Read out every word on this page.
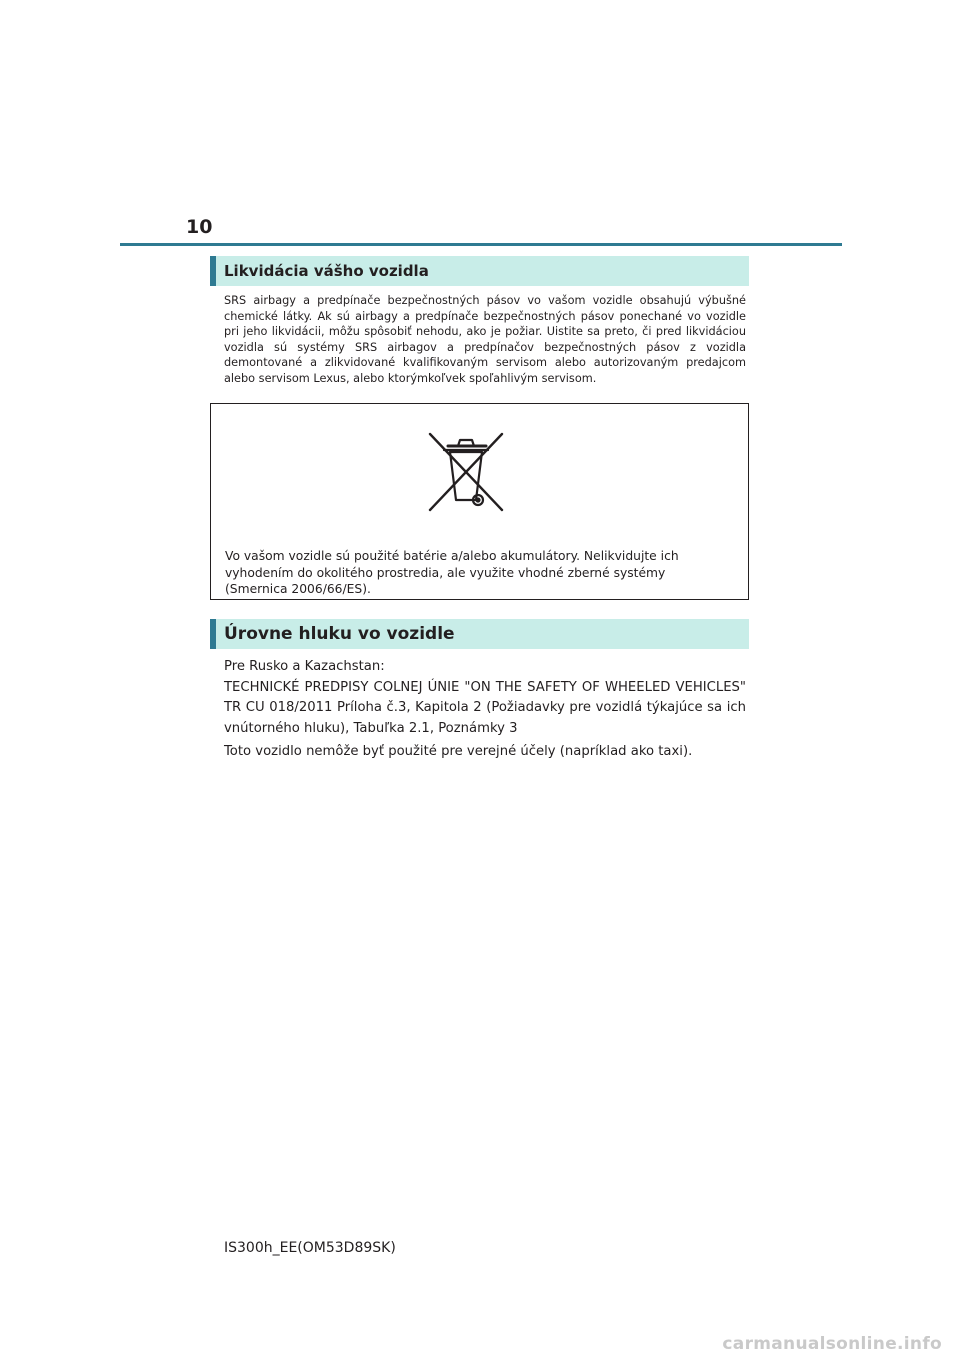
10
Likvidácia vášho vozidla

SRS airbagy a predpínače bezpečnostných pásov vo vašom vozidle obsahujú výbušné chemické látky. Ak sú airbagy a predpínače bezpečnostných pásov ponechané vo vozidle pri jeho likvidácii, môžu spôsobiť nehodu, ako je požiar. Uistite sa preto, či pred likvidáciou vozidla sú systémy SRS airbagov a predpínačov bezpečnostných pásov z vozidla demontované a zlikvidované kvalifikovaným servisom alebo autorizovaným predajcom alebo servisom Lexus, alebo ktorýmkoľvek spoľahlivým servisom.

Vo vašom vozidle sú použité batérie a/alebo akumulátory. Nelikvidujte ich vyhodením do okolitého prostredia, ale využite vhodné zberné systémy (Smernica 2006/66/ES).

Úrovne hluku vo vozidle
Pre Rusko a Kazachstan:
TECHNICKÉ PREDPISY COLNEJ ÚNIE "ON THE SAFETY OF WHEELED VEHICLES" TR CU 018/2011 Príloha č.3, Kapitola 2 (Požiadavky pre vozidlá týkajúce sa ich vnútorného hluku), Tabuľka 2.1, Poznámky 3

Toto vozidlo nemôže byť použité pre verejné účely (napríklad ako taxi).

IS300h_EE(OM53D89SK)
carmanualsonline.info
